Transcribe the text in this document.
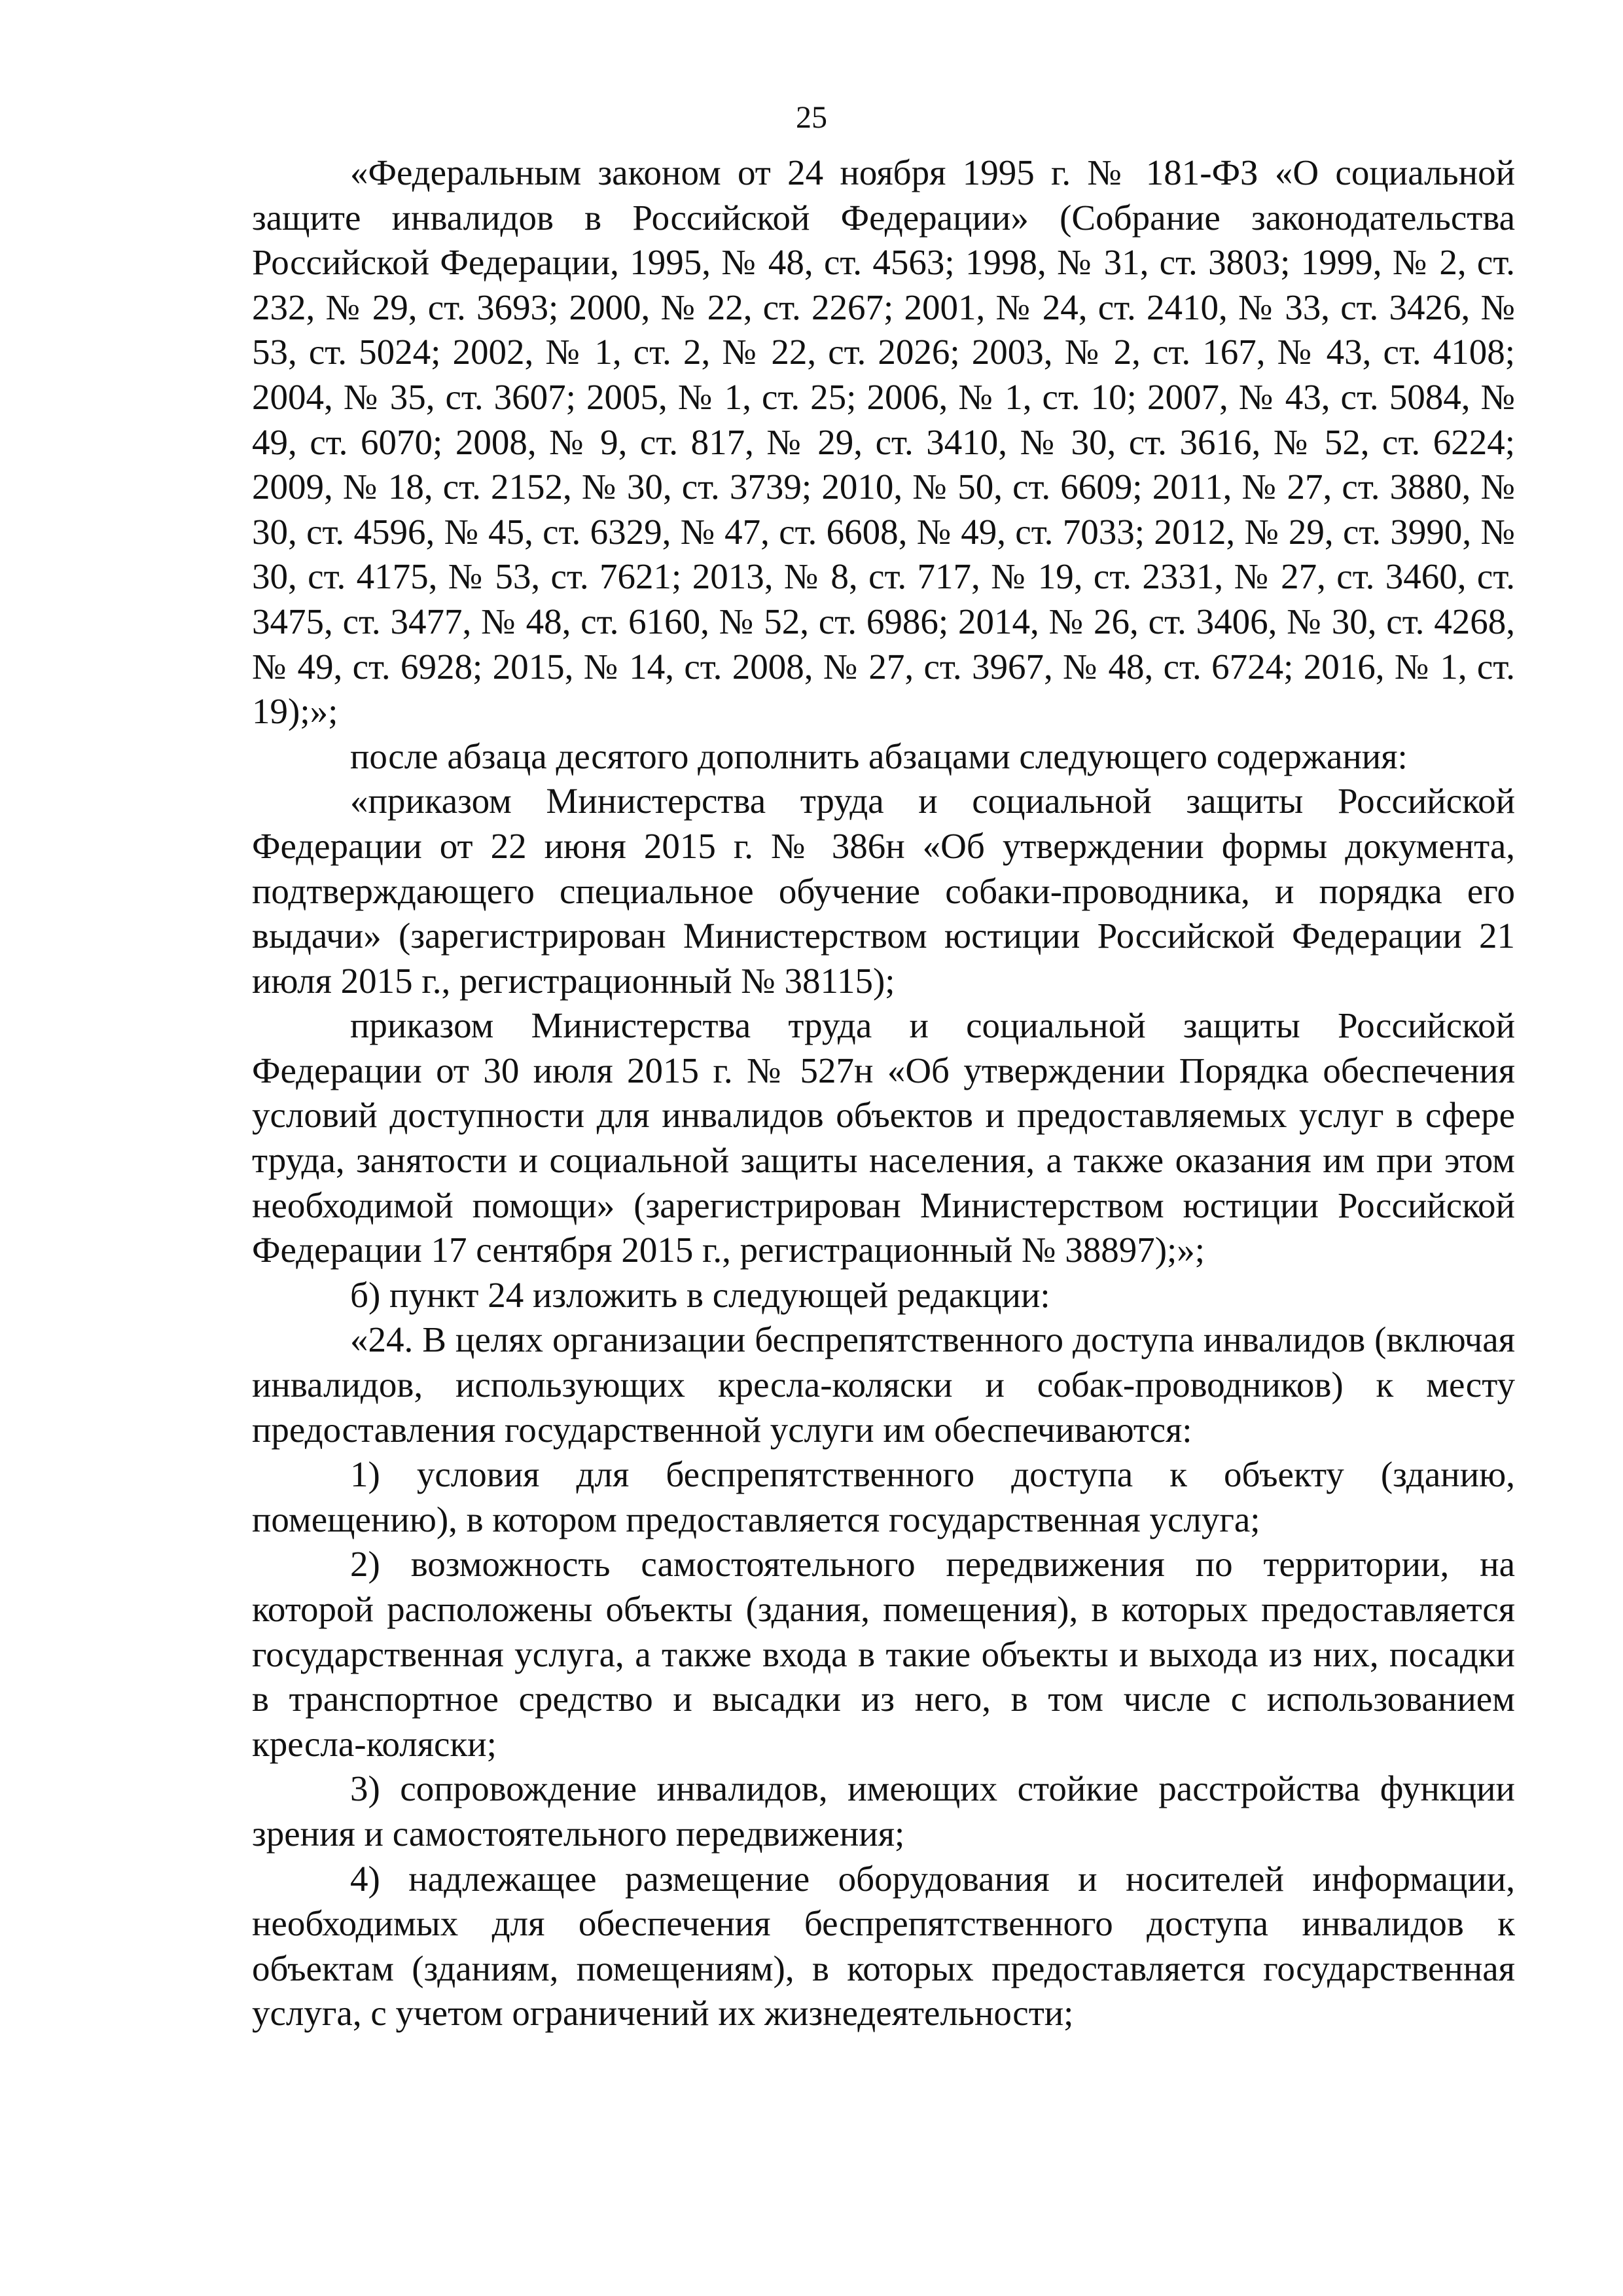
25

«Федеральным законом от 24 ноября 1995 г. № 181-ФЗ «О социальной защите инвалидов в Российской Федерации» (Собрание законодательства Российской Федерации, 1995, № 48, ст. 4563; 1998, № 31, ст. 3803; 1999, № 2, ст. 232, № 29, ст. 3693; 2000, № 22, ст. 2267; 2001, № 24, ст. 2410, № 33, ст. 3426, № 53, ст. 5024; 2002, № 1, ст. 2, № 22, ст. 2026; 2003, № 2, ст. 167, № 43, ст. 4108; 2004, № 35, ст. 3607; 2005, № 1, ст. 25; 2006, № 1, ст. 10; 2007, № 43, ст. 5084, № 49, ст. 6070; 2008, № 9, ст. 817, № 29, ст. 3410, № 30, ст. 3616, № 52, ст. 6224; 2009, № 18, ст. 2152, № 30, ст. 3739; 2010, № 50, ст. 6609; 2011, № 27, ст. 3880, № 30, ст. 4596, № 45, ст. 6329, № 47, ст. 6608, № 49, ст. 7033; 2012, № 29, ст. 3990, № 30, ст. 4175, № 53, ст. 7621; 2013, № 8, ст. 717, № 19, ст. 2331, № 27, ст. 3460, ст. 3475, ст. 3477, № 48, ст. 6160, № 52, ст. 6986; 2014, № 26, ст. 3406, № 30, ст. 4268, № 49, ст. 6928; 2015, № 14, ст. 2008, № 27, ст. 3967, № 48, ст. 6724; 2016, № 1, ст. 19);»;

после абзаца десятого дополнить абзацами следующего содержания:

«приказом Министерства труда и социальной защиты Российской Федерации от 22 июня 2015 г. № 386н «Об утверждении формы документа, подтверждающего специальное обучение собаки-проводника, и порядка его выдачи» (зарегистрирован Министерством юстиции Российской Федерации 21 июля 2015 г., регистрационный № 38115);

приказом Министерства труда и социальной защиты Российской Федерации от 30 июля 2015 г. № 527н «Об утверждении Порядка обеспечения условий доступности для инвалидов объектов и предоставляемых услуг в сфере труда, занятости и социальной защиты населения, а также оказания им при этом необходимой помощи» (зарегистрирован Министерством юстиции Российской Федерации 17 сентября 2015 г., регистрационный № 38897);»;

б) пункт 24 изложить в следующей редакции:

«24. В целях организации беспрепятственного доступа инвалидов (включая инвалидов, использующих кресла-коляски и собак-проводников) к месту предоставления государственной услуги им обеспечиваются:

1) условия для беспрепятственного доступа к объекту (зданию, помещению), в котором предоставляется государственная услуга;

2) возможность самостоятельного передвижения по территории, на которой расположены объекты (здания, помещения), в которых предоставляется государственная услуга, а также входа в такие объекты и выхода из них, посадки в транспортное средство и высадки из него, в том числе с использованием кресла-коляски;

3) сопровождение инвалидов, имеющих стойкие расстройства функции зрения и самостоятельного передвижения;

4) надлежащее размещение оборудования и носителей информации, необходимых для обеспечения беспрепятственного доступа инвалидов к объектам (зданиям, помещениям), в которых предоставляется государственная услуга, с учетом ограничений их жизнедеятельности;
